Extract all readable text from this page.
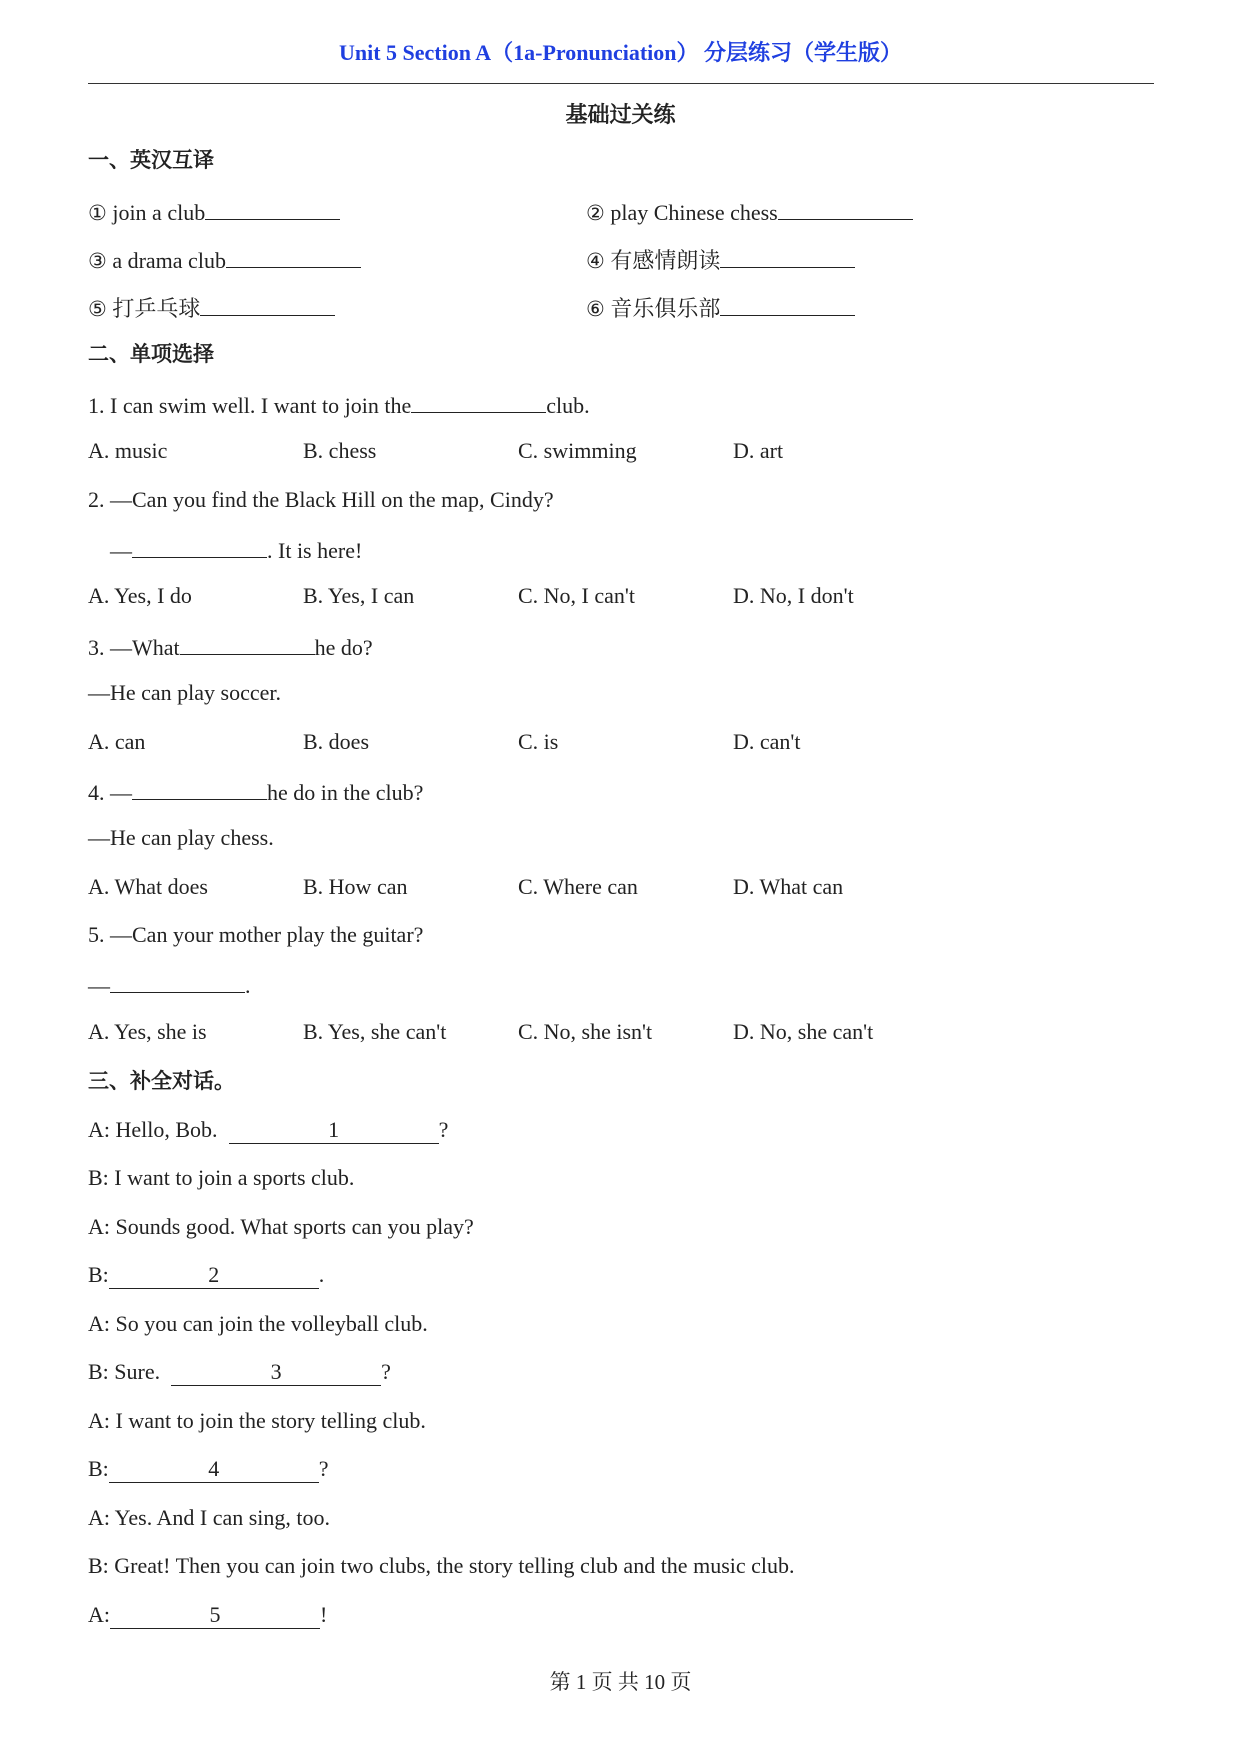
Unit 5 Section A（1a-Pronunciation） 分层练习（学生版）
基础过关练
一、英汉互译
① join a club	② play Chinese chess
③ a drama club	④ 有感情朗读
⑤ 打乒乓球	⑥ 音乐俱乐部
二、单项选择
1. I can swim well. I want to join the	club.
A. music	B. chess	C. swimming	D. art
2. —Can you find the Black Hill on the map, Cindy?
—	. It is here!
A. Yes, I do	B. Yes, I can	C. No, I can't	D. No, I don't
3. —What	he do?
—He can play soccer.
A. can	B. does	C. is	D. can't
4. —	he do in the club?
—He can play chess.
A. What does	B. How can	C. Where can	D. What can
5. —Can your mother play the guitar?
—	.
A. Yes, she is	B. Yes, she can't	C. No, she isn't	D. No, she can't
三、补全对话。
A: Hello, Bob.	1	?
B: I want to join a sports club.
A: Sounds good. What sports can you play?
B:	2	.
A: So you can join the volleyball club.
B: Sure.	3	?
A: I want to join the story telling club.
B:	4	?
A: Yes. And I can sing, too.
B: Great! Then you can join two clubs, the story telling club and the music club.
A:	5	!
第 1 页 共 10 页
